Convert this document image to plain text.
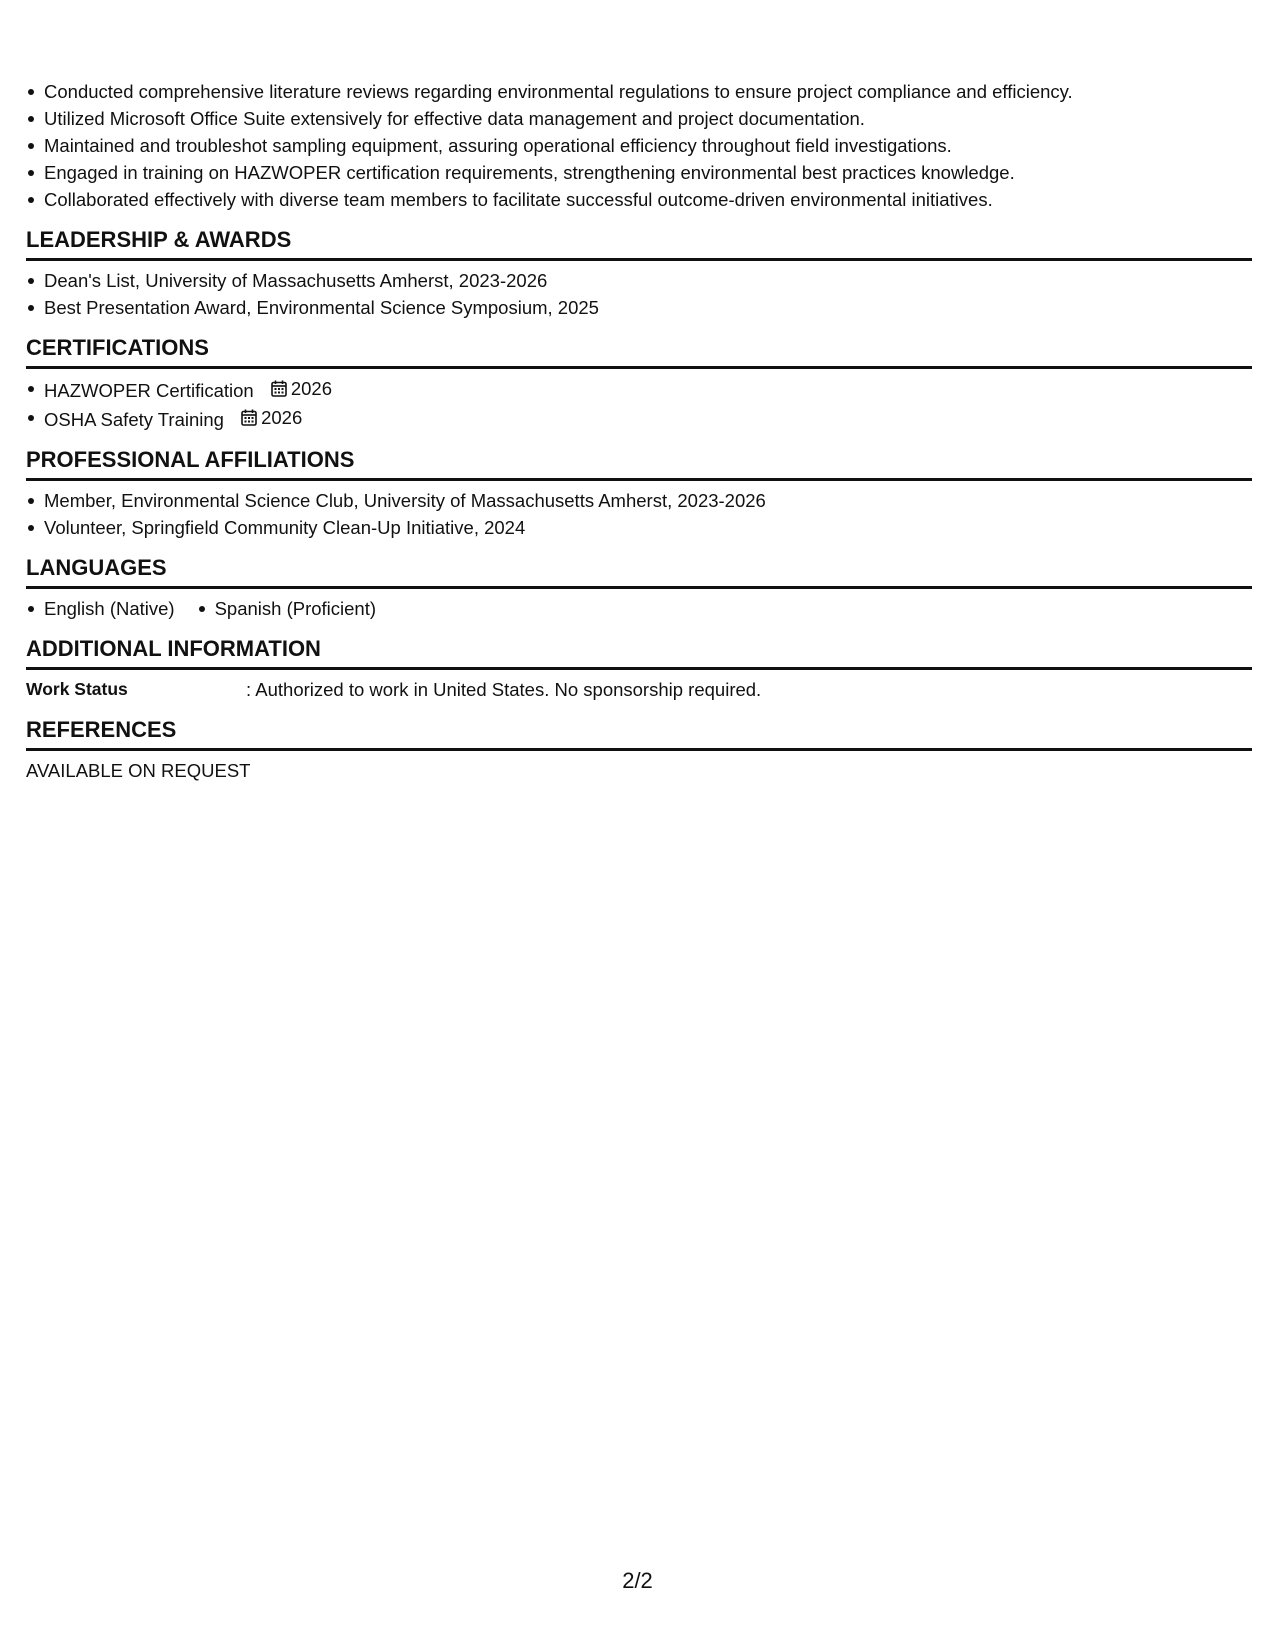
Conducted comprehensive literature reviews regarding environmental regulations to ensure project compliance and efficiency.
Utilized Microsoft Office Suite extensively for effective data management and project documentation.
Maintained and troubleshot sampling equipment, assuring operational efficiency throughout field investigations.
Engaged in training on HAZWOPER certification requirements, strengthening environmental best practices knowledge.
Collaborated effectively with diverse team members to facilitate successful outcome-driven environmental initiatives.
LEADERSHIP & AWARDS
Dean's List, University of Massachusetts Amherst, 2023-2026
Best Presentation Award, Environmental Science Symposium, 2025
CERTIFICATIONS
HAZWOPER Certification 2026
OSHA Safety Training 2026
PROFESSIONAL AFFILIATIONS
Member, Environmental Science Club, University of Massachusetts Amherst, 2023-2026
Volunteer, Springfield Community Clean-Up Initiative, 2024
LANGUAGES
English (Native)	Spanish (Proficient)
ADDITIONAL INFORMATION
Work Status	: Authorized to work in United States. No sponsorship required.
REFERENCES
AVAILABLE ON REQUEST
2/2
